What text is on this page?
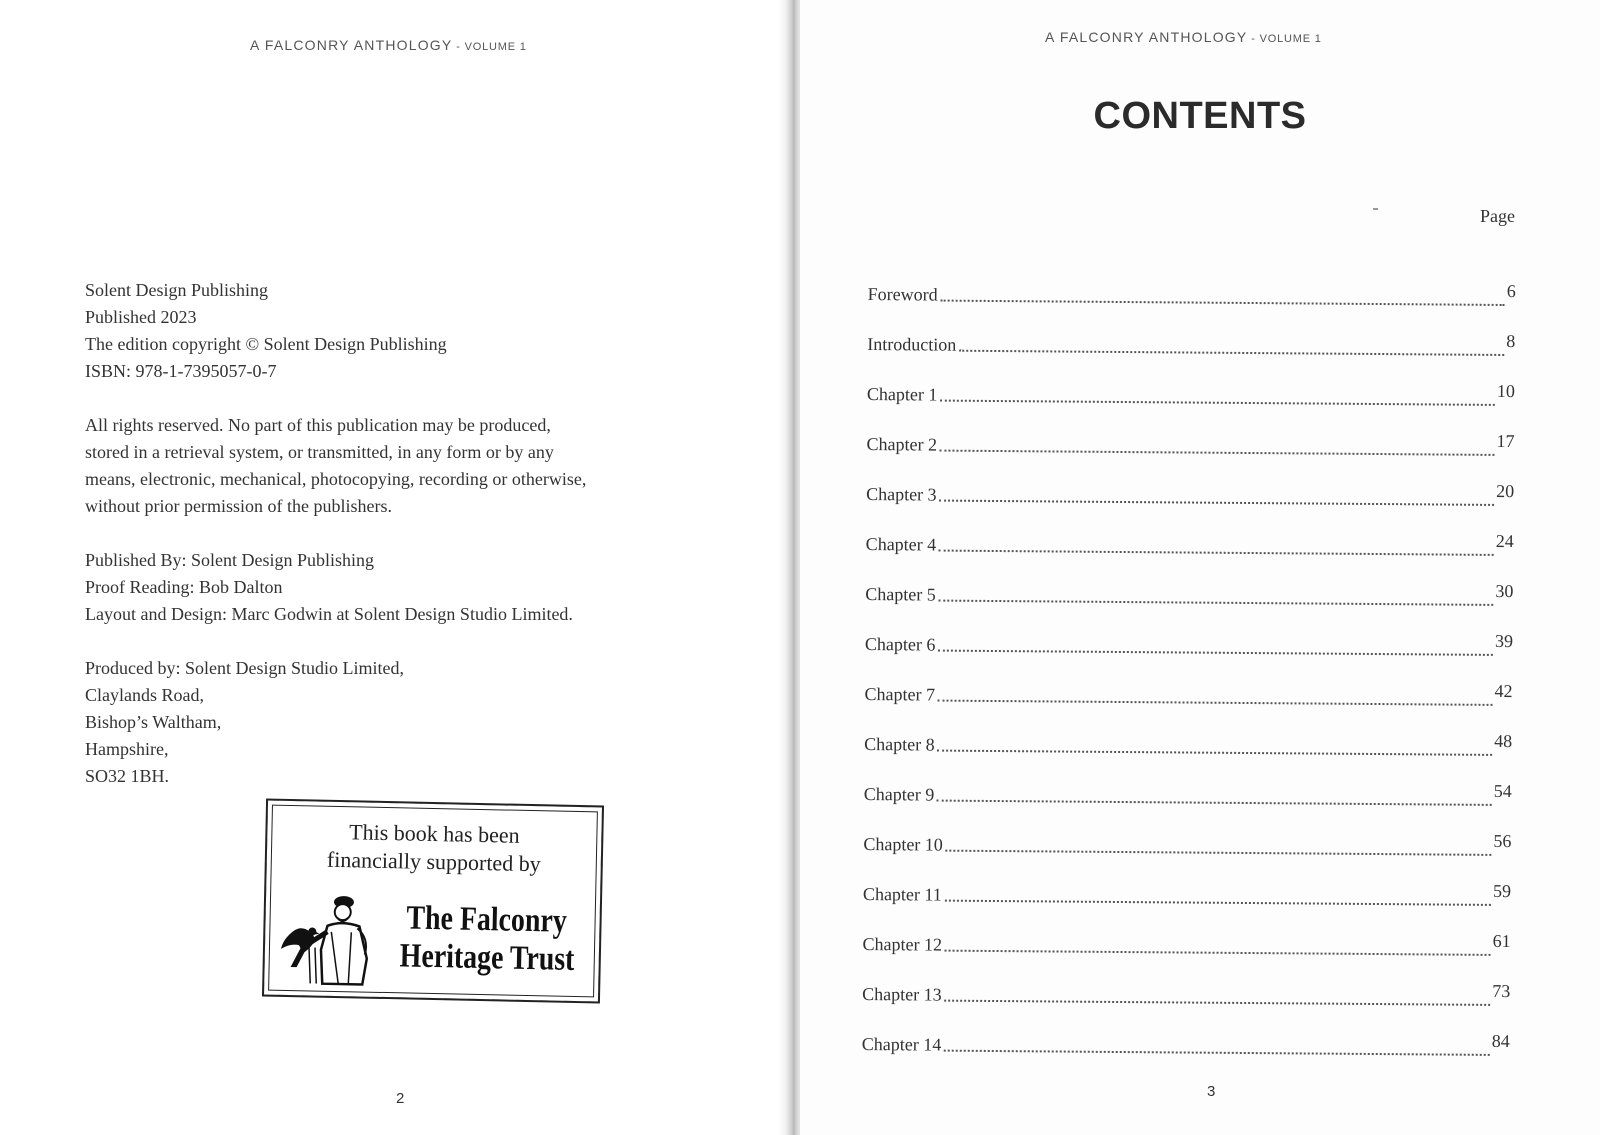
A FALCONRY ANTHOLOGY - VOLUME 1
Solent Design Publishing
Published 2023
The edition copyright © Solent Design Publishing
ISBN: 978-1-7395057-0-7
All rights reserved. No part of this publication may be produced,
stored in a retrieval system, or transmitted, in any form or by any
means, electronic, mechanical, photocopying, recording or otherwise,
without prior permission of the publishers.
Published By: Solent Design Publishing
Proof Reading: Bob Dalton
Layout and Design: Marc Godwin at Solent Design Studio Limited.
Produced by: Solent Design Studio Limited,
Claylands Road,
Bishop’s Waltham,
Hampshire,
SO32 1BH.
This book has been
financially supported by
The Falconry
Heritage Trust
2
A FALCONRY ANTHOLOGY - VOLUME 1
CONTENTS
Page
Foreword	6
Introduction	8
Chapter 1	10
Chapter 2	17
Chapter 3	20
Chapter 4	24
Chapter 5	30
Chapter 6	39
Chapter 7	42
Chapter 8	48
Chapter 9	54
Chapter 10	56
Chapter 11	59
Chapter 12	61
Chapter 13	73
Chapter 14	84
3
